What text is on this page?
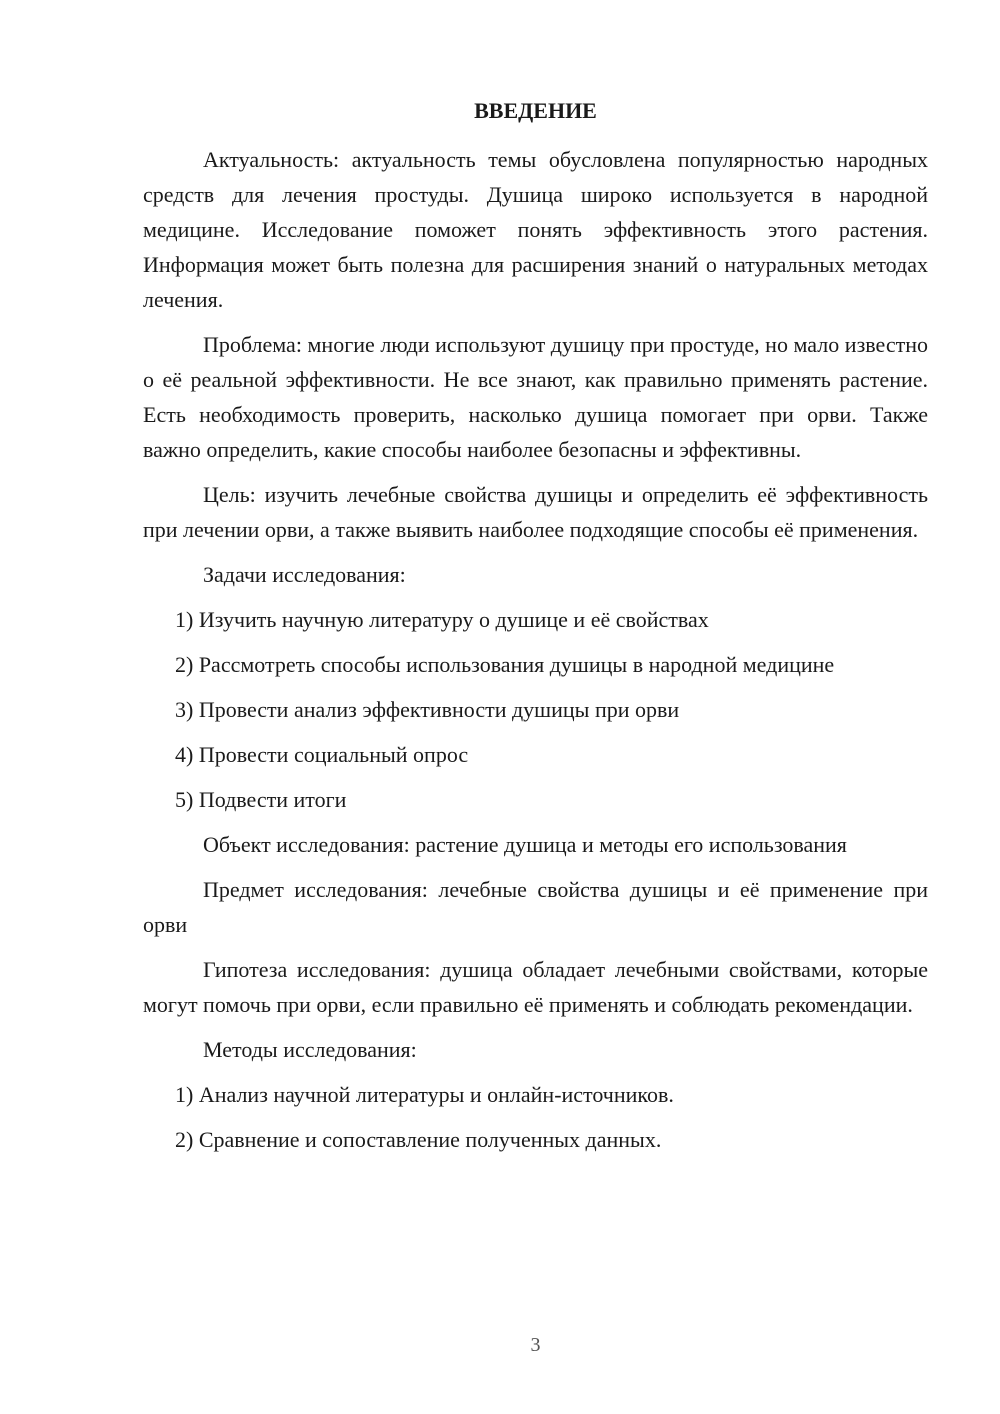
ВВЕДЕНИЕ

Актуальность: актуальность темы обусловлена популярностью народных средств для лечения простуды. Душица широко используется в народной медицине. Исследование поможет понять эффективность этого растения. Информация может быть полезна для расширения знаний о натуральных методах лечения.

Проблема: многие люди используют душицу при простуде, но мало известно о её реальной эффективности. Не все знают, как правильно применять растение. Есть необходимость проверить, насколько душица помогает при орви. Также важно определить, какие способы наиболее безопасны и эффективны.

Цель: изучить лечебные свойства душицы и определить её эффективность при лечении орви, а также выявить наиболее подходящие способы её применения.

Задачи исследования:

1) Изучить научную литературу о душице и её свойствах

2) Рассмотреть способы использования душицы в народной медицине

3) Провести анализ эффективности душицы при орви

4) Провести социальный опрос

5) Подвести итоги

Объект исследования: растение душица и методы его использования

Предмет исследования: лечебные свойства душицы и её применение при орви

Гипотеза исследования: душица обладает лечебными свойствами, которые могут помочь при орви, если правильно её применять и соблюдать рекомендации.

Методы исследования:

1) Анализ научной литературы и онлайн-источников.

2) Сравнение и сопоставление полученных данных.

3
